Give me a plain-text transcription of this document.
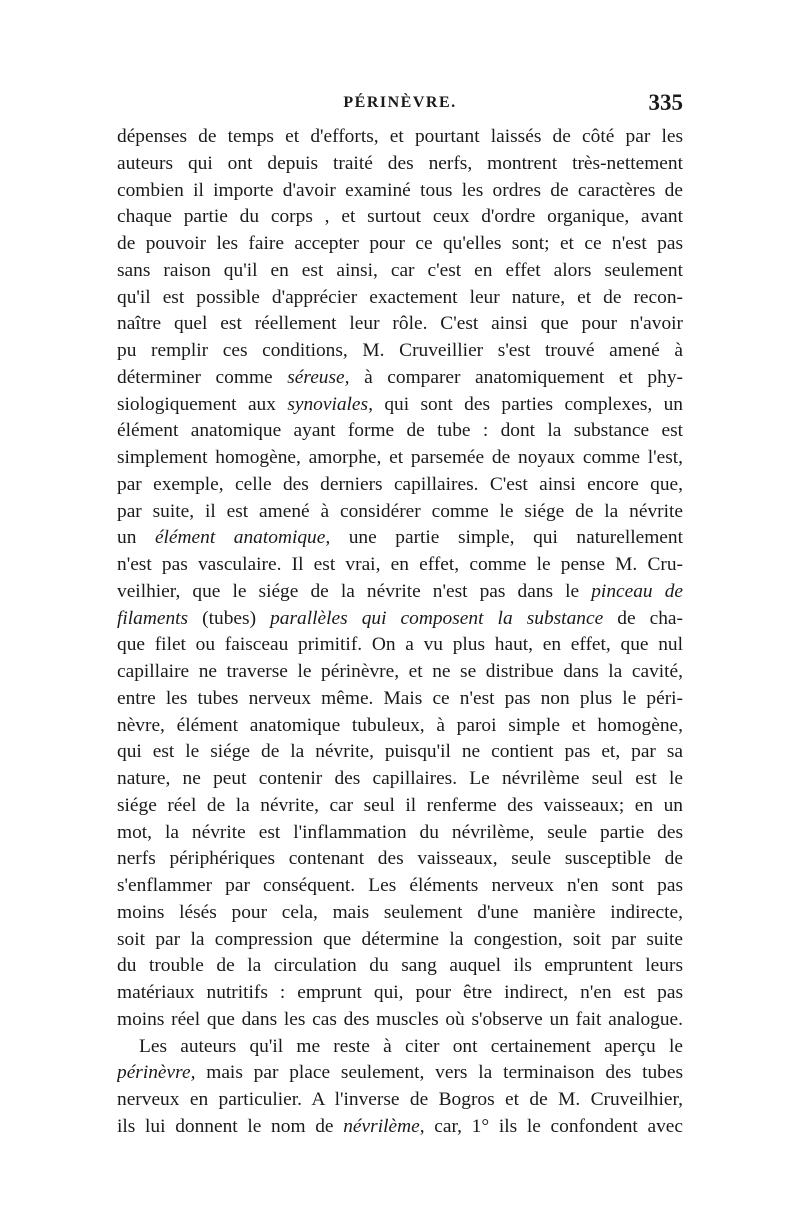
PÉRINÈVRE.	335
dépenses de temps et d'efforts, et pourtant laissés de côté par les
auteurs qui ont depuis traité des nerfs, montrent très-nettement
combien il importe d'avoir examiné tous les ordres de caractères de
chaque partie du corps , et surtout ceux d'ordre organique, avant
de pouvoir les faire accepter pour ce qu'elles sont; et ce n'est pas
sans raison qu'il en est ainsi, car c'est en effet alors seulement
qu'il est possible d'apprécier exactement leur nature, et de recon-
naître quel est réellement leur rôle. C'est ainsi que pour n'avoir
pu remplir ces conditions, M. Cruveillier s'est trouvé amené à
déterminer comme séreuse, à comparer anatomiquement et phy-
siologiquement aux synoviales, qui sont des parties complexes, un
élément anatomique ayant forme de tube : dont la substance est
simplement homogène, amorphe, et parsemée de noyaux comme l'est,
par exemple, celle des derniers capillaires. C'est ainsi encore que,
par suite, il est amené à considérer comme le siége de la névrite
un élément anatomique, une partie simple, qui naturellement
n'est pas vasculaire. Il est vrai, en effet, comme le pense M. Cru-
veilhier, que le siége de la névrite n'est pas dans le pinceau de
filaments (tubes) parallèles qui composent la substance de cha-
que filet ou faisceau primitif. On a vu plus haut, en effet, que nul
capillaire ne traverse le périnèvre, et ne se distribue dans la cavité,
entre les tubes nerveux même. Mais ce n'est pas non plus le péri-
nèvre, élément anatomique tubuleux, à paroi simple et homogène,
qui est le siége de la névrite, puisqu'il ne contient pas et, par sa
nature, ne peut contenir des capillaires. Le névrilème seul est le
siége réel de la névrite, car seul il renferme des vaisseaux; en un
mot, la névrite est l'inflammation du névrilème, seule partie des
nerfs périphériques contenant des vaisseaux, seule susceptible de
s'enflammer par conséquent. Les éléments nerveux n'en sont pas
moins lésés pour cela, mais seulement d'une manière indirecte,
soit par la compression que détermine la congestion, soit par suite
du trouble de la circulation du sang auquel ils empruntent leurs
matériaux nutritifs : emprunt qui, pour être indirect, n'en est pas
moins réel que dans les cas des muscles où s'observe un fait analogue.
Les auteurs qu'il me reste à citer ont certainement aperçu le
périnèvre, mais par place seulement, vers la terminaison des tubes
nerveux en particulier. A l'inverse de Bogros et de M. Cruveilhier,
ils lui donnent le nom de névrilème, car, 1° ils le confondent avec
